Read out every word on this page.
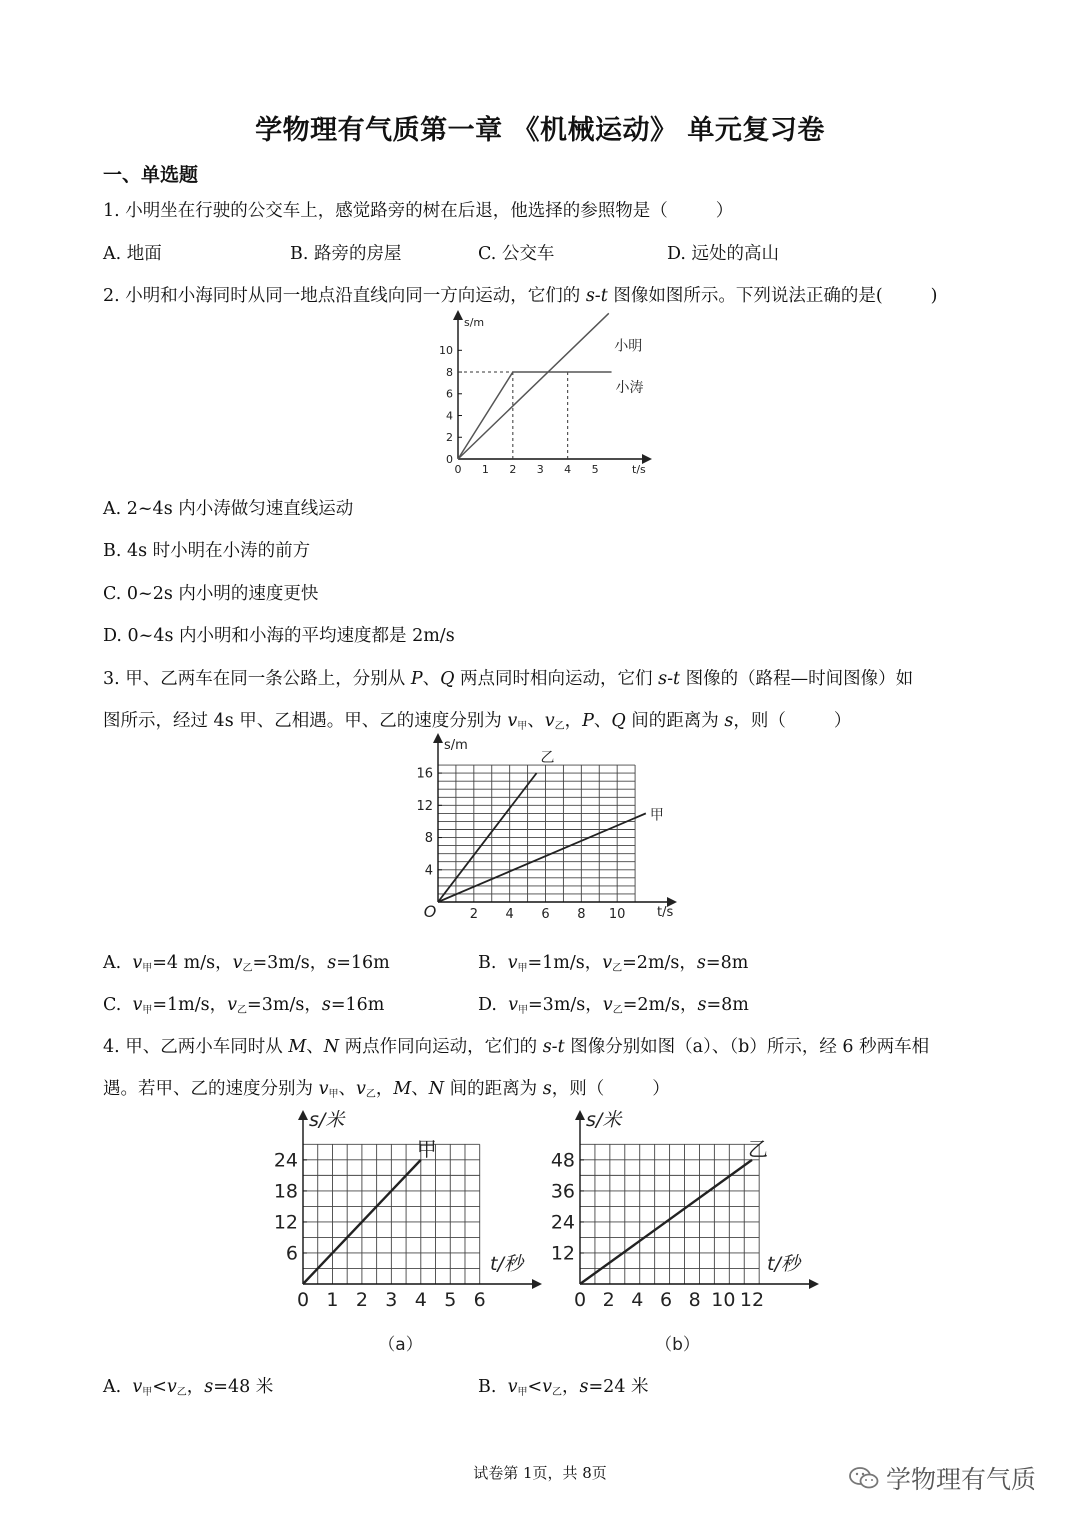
学物理有气质第一章 《机械运动》 单元复习卷
一、单选题
1. 小明坐在行驶的公交车上，感觉路旁的树在后退，他选择的参照物是（	）
A. 地面	B. 路旁的房屋	C. 公交车	D. 远处的高山
2. 小明和小海同时从同一地点沿直线向同一方向运动，它们的 s-t 图像如图所示。下列说法正确的是(	)
s/m
t/s
0 1 2 3 4 5
2
4
6
8
10
0
小明
小涛
A. 2~4s 内小涛做匀速直线运动
B. 4s 时小明在小涛的前方
C. 0~2s 内小明的速度更快
D. 0~4s 内小明和小海的平均速度都是 2m/s
3. 甲、乙两车在同一条公路上，分别从 P、Q 两点同时相向运动，它们 s-t 图像的（路程—时间图像）如
图所示，经过 4s 甲、乙相遇。甲、乙的速度分别为 $v_甲$、$v_乙$，P、Q 间的距离为 s，则（	）
s/m
t/s
2 4 6 8 10
4
8
12
16
O
乙
甲
A. $v_甲=4$ m/s，$v_乙=3m/s$，s=16m	B. $v_甲=1m/s$，$v_乙=2m/s$，s=8m
C. $v_甲=1m/s$，$v_乙=3m/s$，s=16m	D. $v_甲=3m/s$，$v_乙=2m/s$，s=8m
4. 甲、乙两小车同时从 M、N 两点作同向运动，它们的 s-t 图像分别如图（a）、（b）所示，经 6 秒两车相
遇。若甲、乙的速度分别为 $v_甲$、$v_乙$，M、N 间的距离为 s，则（	）
s/米
t/秒
0 1 2 3 4 5 6
6
12
18
24	甲
（a）
s/米
t/秒
0 2 4 6 8 10 12
12
24
36
48	乙
（b）
A. $v_甲<v_乙$，s=48 米	B. $v_甲<v_乙$，s=24 米
试卷第 1页，共 8页	学物理有气质
